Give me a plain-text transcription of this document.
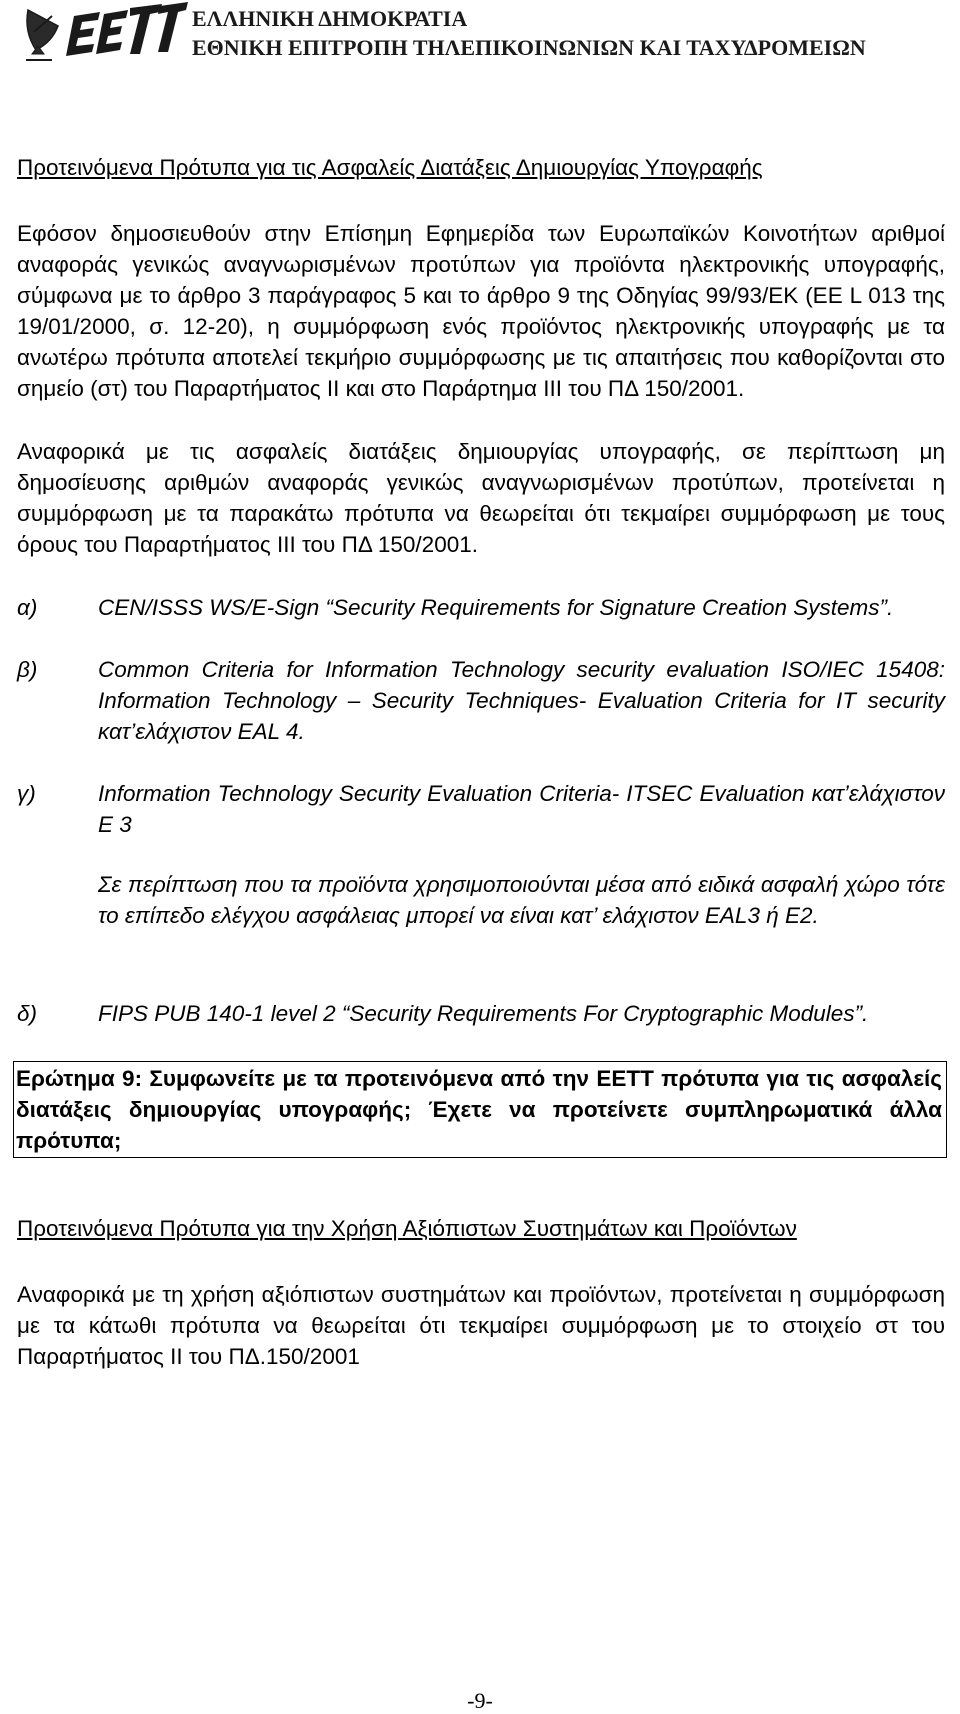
ΕΛΛΗΝΙΚΗ ΔΗΜΟΚΡΑΤΙΑ
ΕΘΝΙΚΗ ΕΠΙΤΡΟΠΗ ΤΗΛΕΠΙΚΟΙΝΩΝΙΩΝ ΚΑΙ ΤΑΧΥΔΡΟΜΕΙΩΝ

Προτεινόμενα Πρότυπα για τις Ασφαλείς Διατάξεις Δημιουργίας Υπογραφής

Εφόσον δημοσιευθούν στην Επίσημη Εφημερίδα των Ευρωπαϊκών Κοινοτήτων αριθμοί αναφοράς γενικώς αναγνωρισμένων προτύπων για προϊόντα ηλεκτρονικής υπογραφής, σύμφωνα με το άρθρο 3 παράγραφος 5 και το άρθρο 9 της Οδηγίας 99/93/ΕΚ (ΕΕ L 013 της 19/01/2000, σ. 12-20), η συμμόρφωση ενός προϊόντος ηλεκτρονικής υπογραφής με τα ανωτέρω πρότυπα αποτελεί τεκμήριο συμμόρφωσης με τις απαιτήσεις που καθορίζονται στο σημείο (στ) του Παραρτήματος ΙΙ και στο Παράρτημα ΙΙΙ του ΠΔ 150/2001.

Αναφορικά με τις ασφαλείς διατάξεις δημιουργίας υπογραφής, σε περίπτωση μη δημοσίευσης αριθμών αναφοράς γενικώς αναγνωρισμένων προτύπων, προτείνεται η συμμόρφωση με τα παρακάτω πρότυπα να θεωρείται ότι τεκμαίρει συμμόρφωση με τους όρους του Παραρτήματος ΙΙΙ του ΠΔ 150/2001.

α)	CEN/ISSS WS/E-Sign “Security Requirements for Signature Creation Systems”.
β)	Common Criteria for Information Technology security evaluation ISO/IEC 15408: Information Technology – Security Techniques- Evaluation Criteria for IT security κατ’ελάχιστον EAL 4.
γ)	Information Technology Security Evaluation Criteria- ITSEC Evaluation κατ’ελάχιστον E 3

Σε περίπτωση που τα προϊόντα χρησιμοποιούνται μέσα από ειδικά ασφαλή χώρο τότε το επίπεδο ελέγχου ασφάλειας μπορεί να είναι κατ’ ελάχιστον EAL3 ή E2.

δ)	FIPS PUB 140-1 level 2 “Security Requirements For Cryptographic Modules”.

Ερώτημα 9: Συμφωνείτε με τα προτεινόμενα από την ΕΕΤΤ πρότυπα για τις ασφαλείς διατάξεις δημιουργίας υπογραφής; Έχετε να προτείνετε συμπληρωματικά άλλα πρότυπα;

Προτεινόμενα Πρότυπα για την Χρήση Αξιόπιστων Συστημάτων και Προϊόντων

Αναφορικά με τη χρήση αξιόπιστων συστημάτων και προϊόντων, προτείνεται η συμμόρφωση με τα κάτωθι πρότυπα να θεωρείται ότι τεκμαίρει συμμόρφωση με το στοιχείο στ του Παραρτήματος ΙΙ του ΠΔ.150/2001

-9-
